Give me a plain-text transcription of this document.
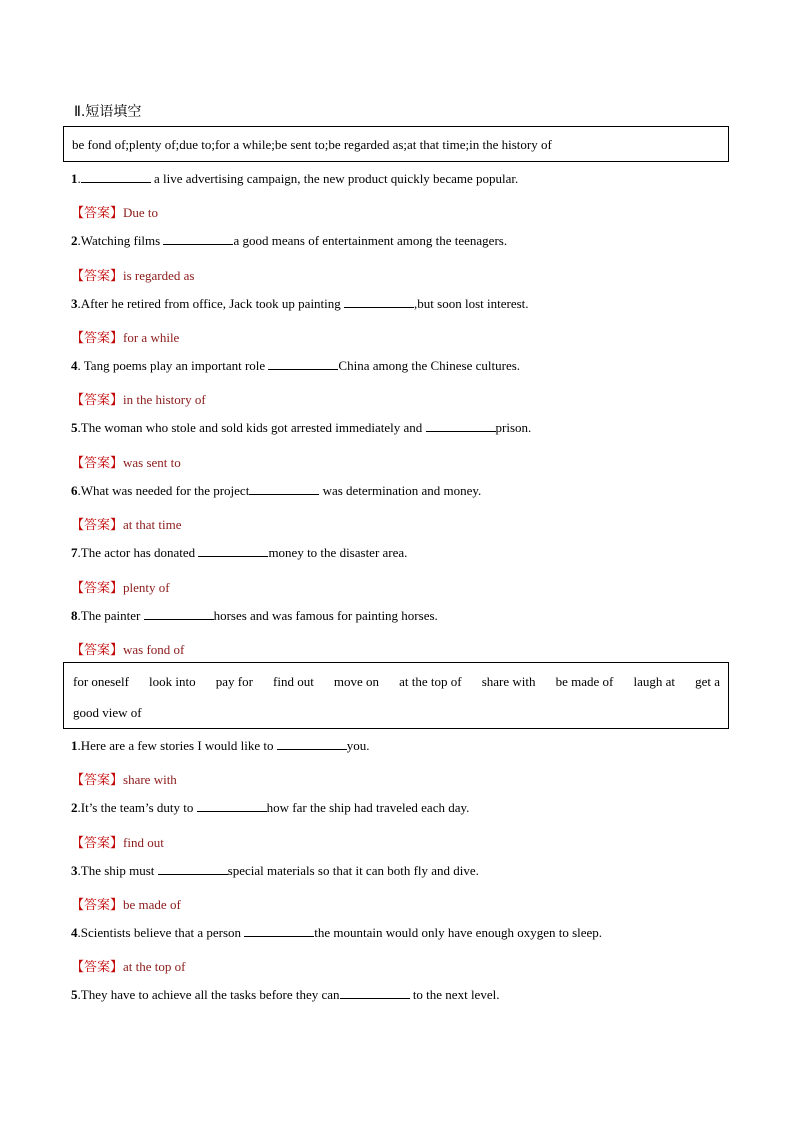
Ⅱ.短语填空
be fond of;plenty of;due to;for a while;be sent to;be regarded as;at that time;in the history of
1.	a live advertising campaign, the new product quickly became popular.
【答案】Due to
2.Watching films	a good means of entertainment among the teenagers.
【答案】is regarded as
3.After he retired from office, Jack took up painting	,but soon lost interest.
【答案】for a while
4. Tang poems play an important role	China among the Chinese cultures.
【答案】in the history of
5.The woman who stole and sold kids got arrested immediately and	prison.
【答案】was sent to
6.What was needed for the project	was determination and money.
【答案】at that time
7.The actor has donated	money to the disaster area.
【答案】plenty of
8.The painter	horses and was famous for painting horses.
【答案】was fond of
for oneself look into pay for find out move on at the top of share with be made of laugh at get a
good view of
1.Here are a few stories I would like to	you.
【答案】share with
2.It’s the team’s duty to	how far the ship had traveled each day.
【答案】find out
3.The ship must	special materials so that it can both fly and dive.
【答案】be made of
4.Scientists believe that a person	the mountain would only have enough oxygen to sleep.
【答案】at the top of
5.They have to achieve all the tasks before they can	to the next level.
